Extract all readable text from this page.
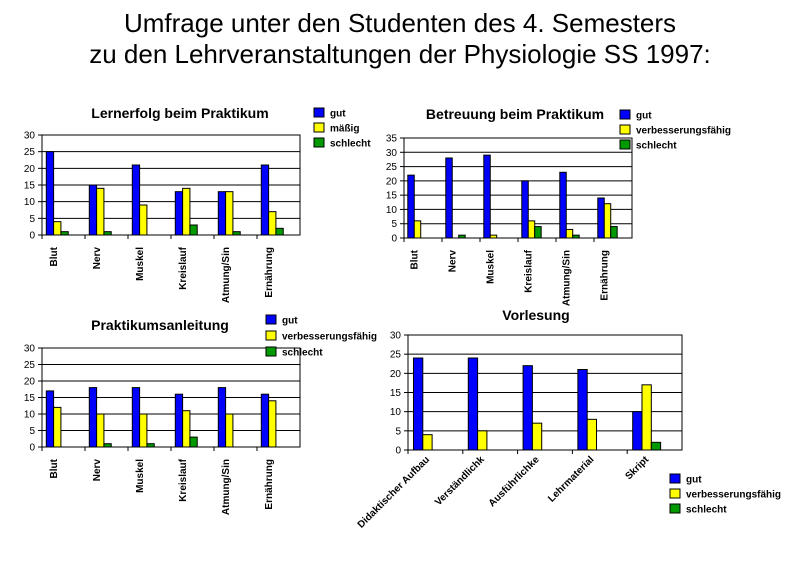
Umfrage unter den Studenten des 4. Semesters
zu den Lehrveranstaltungen der Physiologie SS 1997:
Lernerfolg beim Praktikum
0
5
10
15
20
25
30
Blut	Nerv	Muskel	Kreislauf	Atmung/Sin	Ernährung
gut
mäßig
schlecht
Betreuung beim Praktikum
0
5
10
15
20
25
30
35
Blut	Nerv	Muskel	Kreislauf	Atmung/Sin	Ernährung
gut
verbesserungsfähig
schlecht
Praktikumsanleitung
0
5
10
15
20
25
30
Blut	Nerv	Muskel	Kreislauf	Atmung/Sin	Ernährung
gut
verbesserungsfähig
schlecht
Vorlesung
0
5
10
15
20
25
30
Didaktischer Aufbau Verständlichk Ausführlichke Lehrmaterial	Skript	gut
verbesserungsfähig
schlecht
